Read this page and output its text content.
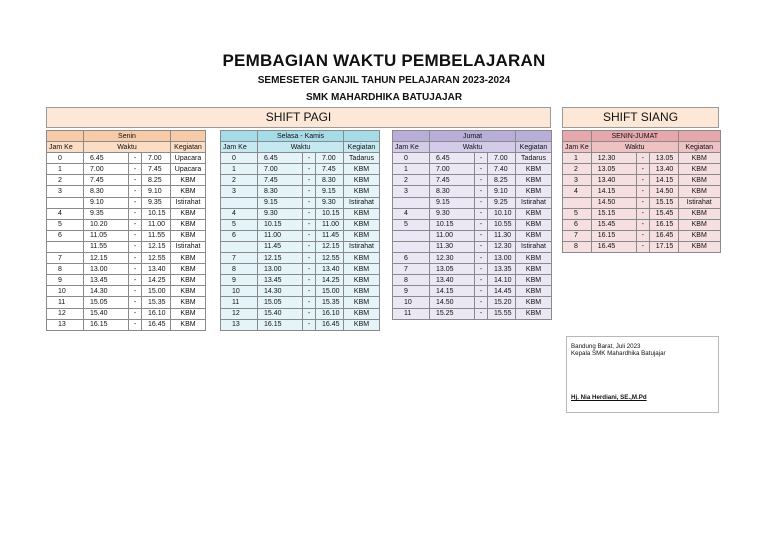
PEMBAGIAN WAKTU PEMBELAJARAN
SEMESETER GANJIL TAHUN PELAJARAN 2023-2024
SMK MAHARDHIKA BATUJAJAR
SHIFT PAGI	SHIFT SIANG
	Senin			
Jam Ke	Waktu			Kegiatan
0	6.45	-	7.00	Upacara
1	7.00	-	7.45	Upacara
2	7.45	-	8.25	KBM
3	8.30	-	9.10	KBM
	9.10	-	9.35	Istirahat
4	9.35	-	10.15	KBM
5	10.20	-	11.00	KBM
6	11.05	-	11.55	KBM
	11.55	-	12.15	Istirahat
7	12.15	-	12.55	KBM
8	13.00	-	13.40	KBM
9	13.45	-	14.25	KBM
10	14.30	-	15.00	KBM
11	15.05	-	15.35	KBM
12	15.40	-	16.10	KBM
13	16.15	-	16.45	KBM
	Selasa - Kamis			
Jam Ke	Waktu			Kegiatan
0	6.45	-	7.00	Tadarus
1	7.00	-	7.45	KBM
2	7.45	-	8.30	KBM
3	8.30	-	9.15	KBM
	9.15	-	9.30	Istirahat
4	9.30	-	10.15	KBM
5	10.15	-	11.00	KBM
6	11.00	-	11.45	KBM
	11.45	-	12.15	Istirahat
7	12.15	-	12.55	KBM
8	13.00	-	13.40	KBM
9	13.45	-	14.25	KBM
10	14.30	-	15.00	KBM
11	15.05	-	15.35	KBM
12	15.40	-	16.10	KBM
13	16.15	-	16.45	KBM
	Jumat			
Jam Ke	Waktu			Kegiatan
0	6.45	-	7.00	Tadarus
1	7.00	-	7.40	KBM
2	7.45	-	8.25	KBM
3	8.30	-	9.10	KBM
	9.15	-	9.25	Istirahat
4	9.30	-	10.10	KBM
5	10.15	-	10.55	KBM
	11.00	-	11.30	KBM
	11.30	-	12.30	Istirahat
6	12.30	-	13.00	KBM
7	13.05	-	13.35	KBM
8	13.40	-	14.10	KBM
9	14.15	-	14.45	KBM
10	14.50	-	15.20	KBM
11	15.25	-	15.55	KBM
	SENIN-JUMAT			
Jam Ke	Waktu			Kegiatan
1	12.30	-	13.05	KBM
2	13.05	-	13.40	KBM
3	13.40	-	14.15	KBM
4	14.15	-	14.50	KBM
	14.50	-	15.15	Istirahat
5	15.15	-	15.45	KBM
6	15.45	-	16.15	KBM
7	16.15	-	16.45	KBM
8	16.45	-	17.15	KBM
Bandung Barat, Juli 2023
Kepala SMK Mahardhika Batujajar
Hj. Nia Herdiani, SE.,M.Pd
